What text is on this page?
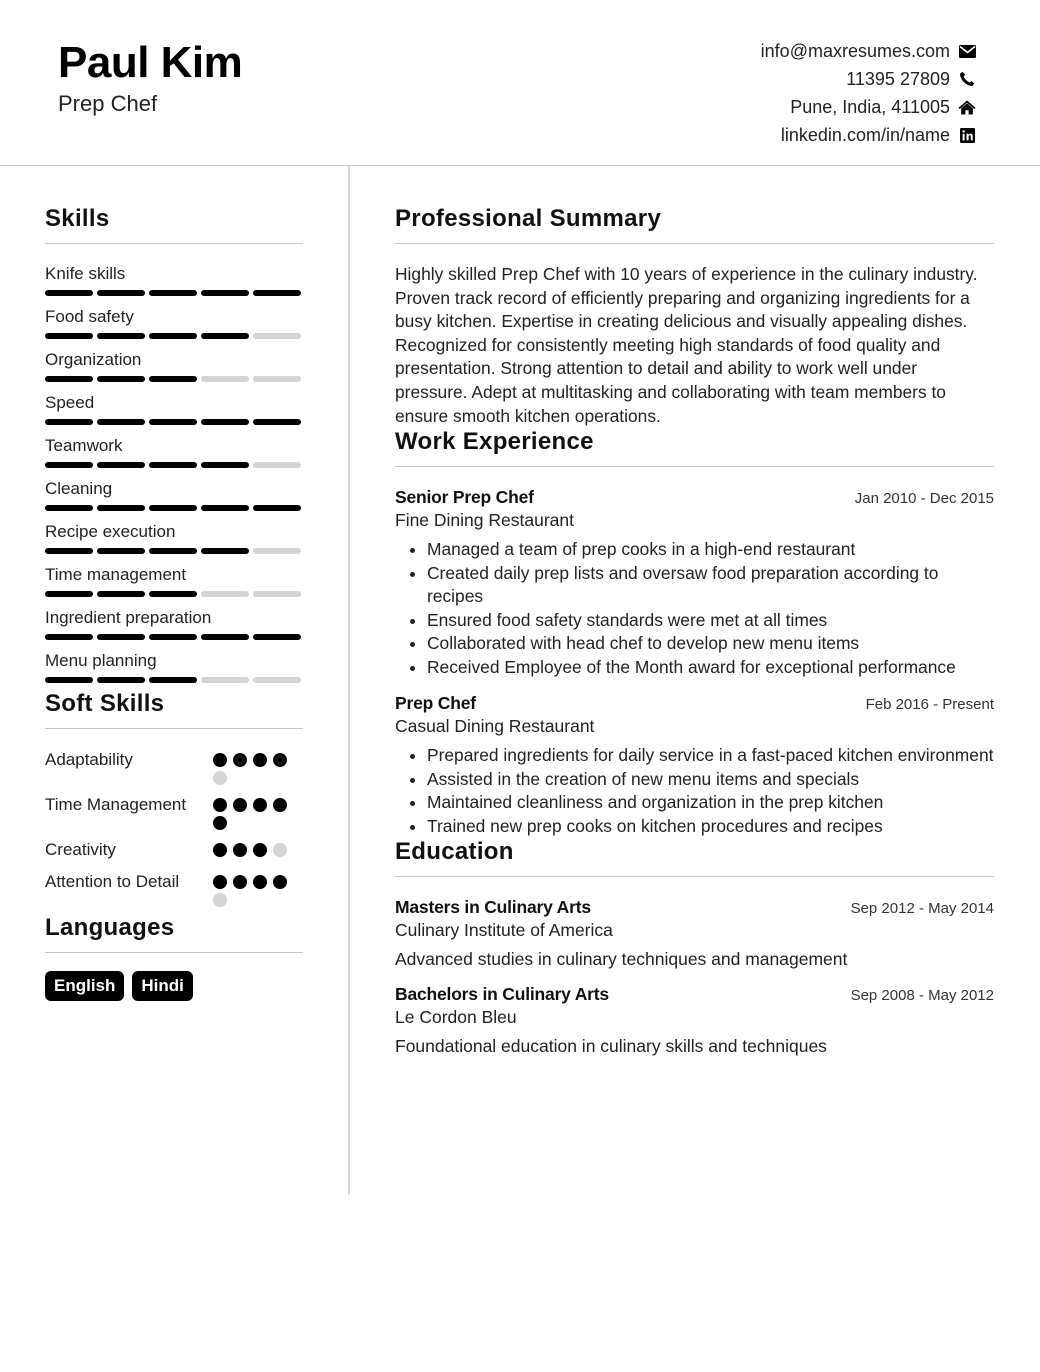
Paul Kim
Prep Chef
info@maxresumes.com
11395 27809
Pune, India, 411005
linkedin.com/in/name
Skills
Knife skills
Food safety
Organization
Speed
Teamwork
Cleaning
Recipe execution
Time management
Ingredient preparation
Menu planning
Soft Skills
Adaptability
Time Management
Creativity
Attention to Detail
Languages
English	Hindi
Professional Summary
Highly skilled Prep Chef with 10 years of experience in the culinary industry. Proven track record of efficiently preparing and organizing ingredients for a busy kitchen. Expertise in creating delicious and visually appealing dishes. Recognized for consistently meeting high standards of food quality and presentation. Strong attention to detail and ability to work well under pressure. Adept at multitasking and collaborating with team members to ensure smooth kitchen operations.
Work Experience
Senior Prep Chef	Jan 2010 - Dec 2015
Fine Dining Restaurant
• Managed a team of prep cooks in a high-end restaurant
• Created daily prep lists and oversaw food preparation according to recipes
• Ensured food safety standards were met at all times
• Collaborated with head chef to develop new menu items
• Received Employee of the Month award for exceptional performance
Prep Chef	Feb 2016 - Present
Casual Dining Restaurant
• Prepared ingredients for daily service in a fast-paced kitchen environment
• Assisted in the creation of new menu items and specials
• Maintained cleanliness and organization in the prep kitchen
• Trained new prep cooks on kitchen procedures and recipes
Education
Masters in Culinary Arts	Sep 2012 - May 2014
Culinary Institute of America
Advanced studies in culinary techniques and management
Bachelors in Culinary Arts	Sep 2008 - May 2012
Le Cordon Bleu
Foundational education in culinary skills and techniques
